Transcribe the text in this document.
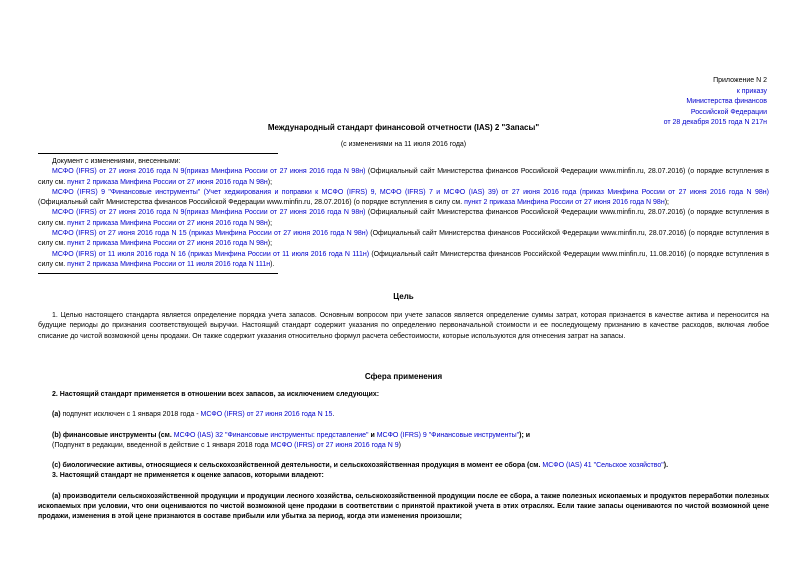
Приложение N 2
к приказу
Министерства финансов
Российской Федерации
от 28 декабря 2015 года N 217н
Международный стандарт финансовой отчетности (IAS) 2 "Запасы"
(с изменениями на 11 июля 2016 года)
Документ с изменениями, внесенными:
МСФО (IFRS) от 27 июня 2016 года N 9(приказ Минфина России от 27 июня 2016 года N 98н) (Официальный сайт Министерства финансов Российской Федерации www.minfin.ru, 28.07.2016) (о порядке вступления в силу см. пункт 2 приказа Минфина России от 27 июня 2016 года N 98н);
МСФО (IFRS) 9 "Финансовые инструменты" (Учет хеджирования и поправки к МСФО (IFRS) 9, МСФО (IFRS) 7 и МСФО (IAS) 39) от 27 июня 2016 года (приказ Минфина России от 27 июня 2016 года N 98н) (Официальный сайт Министерства финансов Российской Федерации www.minfin.ru, 28.07.2016) (о порядке вступления в силу см. пункт 2 приказа Минфина России от 27 июня 2016 года N 98н);
МСФО (IFRS) от 27 июня 2016 года N 9(приказ Минфина России от 27 июня 2016 года N 98н) (Официальный сайт Министерства финансов Российской Федерации www.minfin.ru, 28.07.2016) (о порядке вступления в силу см. пункт 2 приказа Минфина России от 27 июня 2016 года N 98н);
МСФО (IFRS) от 27 июня 2016 года N 15 (приказ Минфина России от 27 июня 2016 года N 98н) (Официальный сайт Министерства финансов Российской Федерации www.minfin.ru, 28.07.2016) (о порядке вступления в силу см. пункт 2 приказа Минфина России от 27 июня 2016 года N 98н);
МСФО (IFRS) от 11 июля 2016 года N 16 (приказ Минфина России от 11 июля 2016 года N 111н) (Официальный сайт Министерства финансов Российской Федерации www.minfin.ru, 11.08.2016) (о порядке вступления в силу см. пункт 2 приказа Минфина России от 11 июля 2016 года N 111н).
Цель
1. Целью настоящего стандарта является определение порядка учета запасов. Основным вопросом при учете запасов является определение суммы затрат, которая признается в качестве актива и переносится на будущие периоды до признания соответствующей выручки. Настоящий стандарт содержит указания по определению первоначальной стоимости и ее последующему признанию в качестве расходов, включая любое списание до чистой возможной цены продажи. Он также содержит указания относительно формул расчета себестоимости, которые используются для отнесения затрат на запасы.
Сфера применения
2. Настоящий стандарт применяется в отношении всех запасов, за исключением следующих:
(a) подпункт исключен с 1 января 2018 года - МСФО (IFRS) от 27 июня 2016 года N 15.
(b) финансовые инструменты (см. МСФО (IAS) 32 "Финансовые инструменты: представление" и МСФО (IFRS) 9 "Финансовые инструменты"); и
(Подпункт в редакции, введенной в действие с 1 января 2018 года МСФО (IFRS) от 27 июня 2016 года N 9)
(c) биологические активы, относящиеся к сельскохозяйственной деятельности, и сельскохозяйственная продукция в момент ее сбора (см. МСФО (IAS) 41 "Сельское хозяйство").
3. Настоящий стандарт не применяется к оценке запасов, которыми владеют:
(a) производители сельскохозяйственной продукции и продукции лесного хозяйства, сельскохозяйственной продукции после ее сбора, а также полезных ископаемых и продуктов переработки полезных ископаемых при условии, что они оцениваются по чистой возможной цене продажи в соответствии с принятой практикой учета в этих отраслях. Если такие запасы оцениваются по чистой возможной цене продажи, изменения в этой цене признаются в составе прибыли или убытка за период, когда эти изменения произошли;
